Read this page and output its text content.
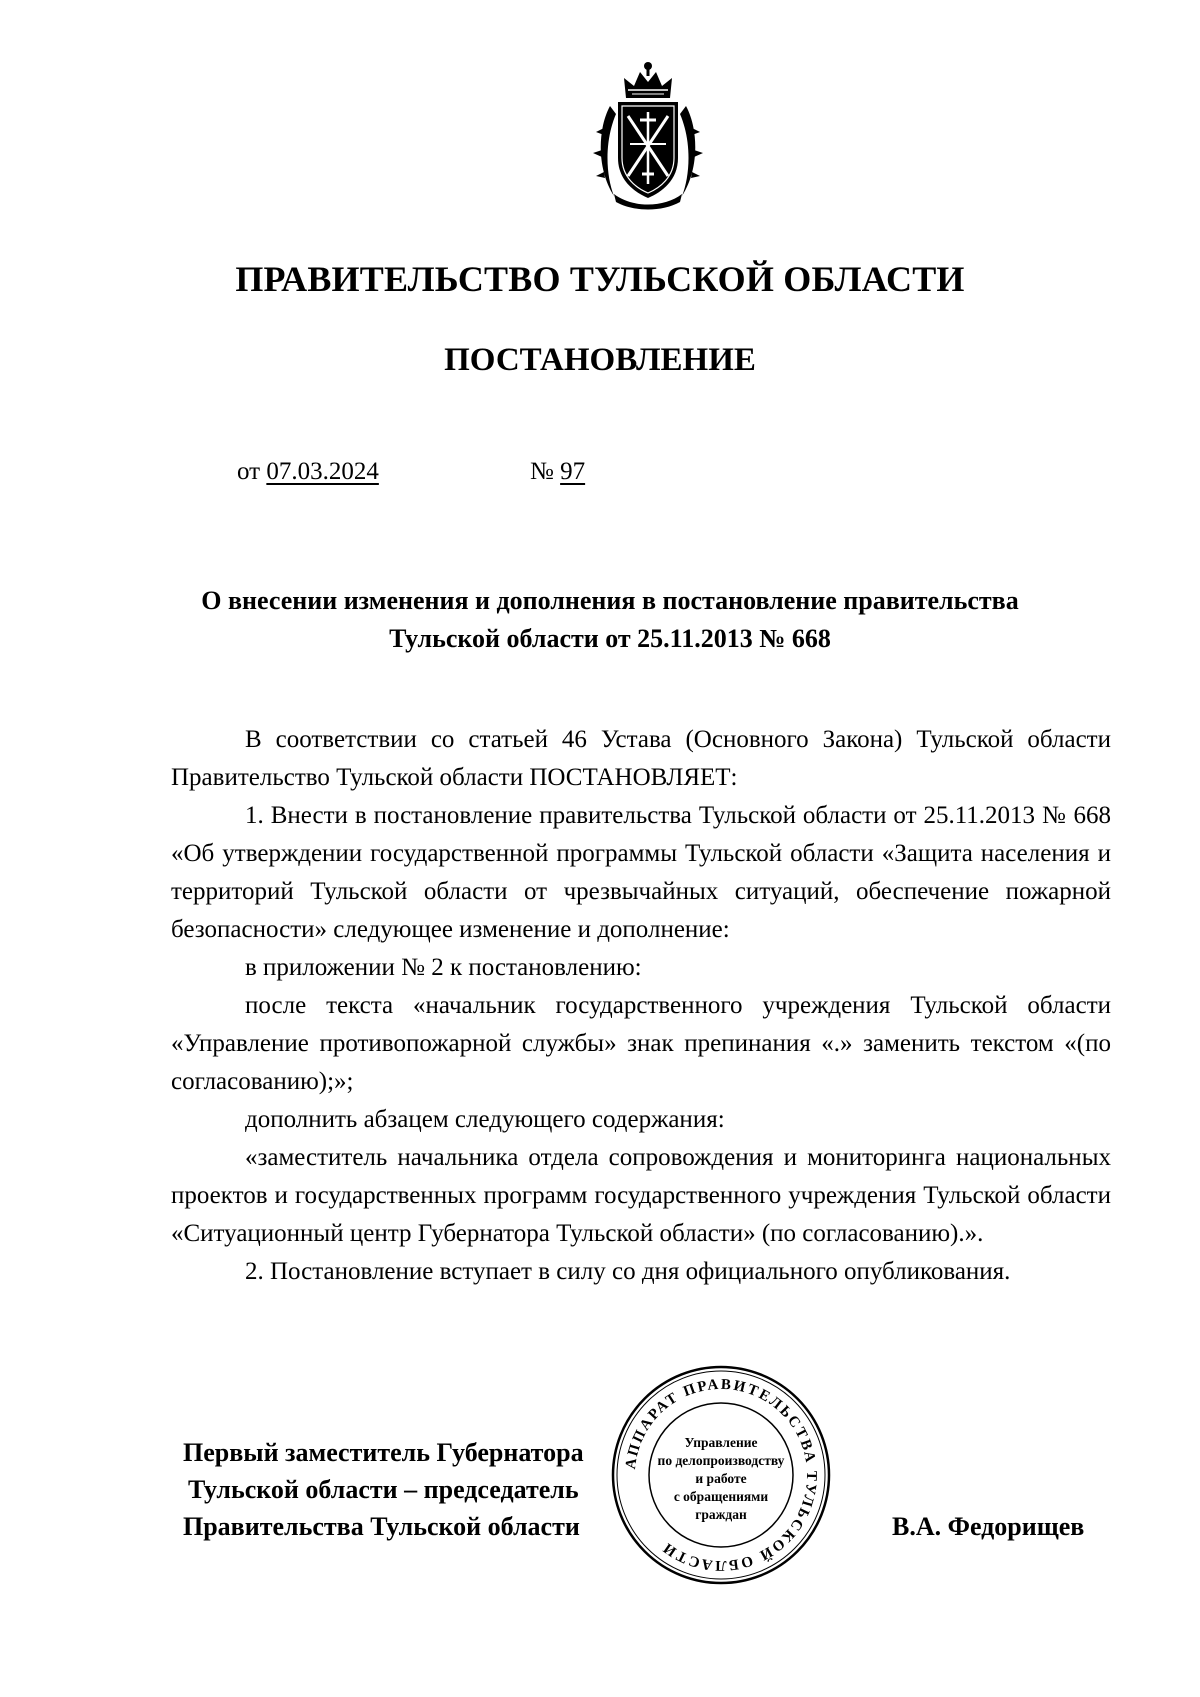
ПРАВИТЕЛЬСТВО ТУЛЬСКОЙ ОБЛАСТИ
ПОСТАНОВЛЕНИЕ
от 07.03.2024	№ 97
О внесении изменения и дополнения в постановление правительства
Тульской области от 25.11.2013 № 668

В соответствии со статьей 46 Устава (Основного Закона) Тульской области Правительство Тульской области ПОСТАНОВЛЯЕТ:

1. Внести в постановление правительства Тульской области от 25.11.2013 № 668 «Об утверждении государственной программы Тульской области «Защита населения и территорий Тульской области от чрезвычайных ситуаций, обеспечение пожарной безопасности» следующее изменение и дополнение:

в приложении № 2 к постановлению:

после текста «начальник государственного учреждения Тульской области «Управление противопожарной службы» знак препинания «.» заменить текстом «(по согласованию);»;

дополнить абзацем следующего содержания:

«заместитель начальника отдела сопровождения и мониторинга национальных проектов и государственных программ государственного учреждения Тульской области «Ситуационный центр Губернатора Тульской области» (по согласованию).».

2. Постановление вступает в силу со дня официального опубликования.

Первый заместитель Губернатора
Тульской области – председатель
Правительства Тульской области	В.А. Федорищев
АППАРАТ ПРАВИТЕЛЬСТВА ТУЛЬСКОЙ ОБЛАСТИ
Управление
по делопроизводству
и работе
с обращениями
граждан
